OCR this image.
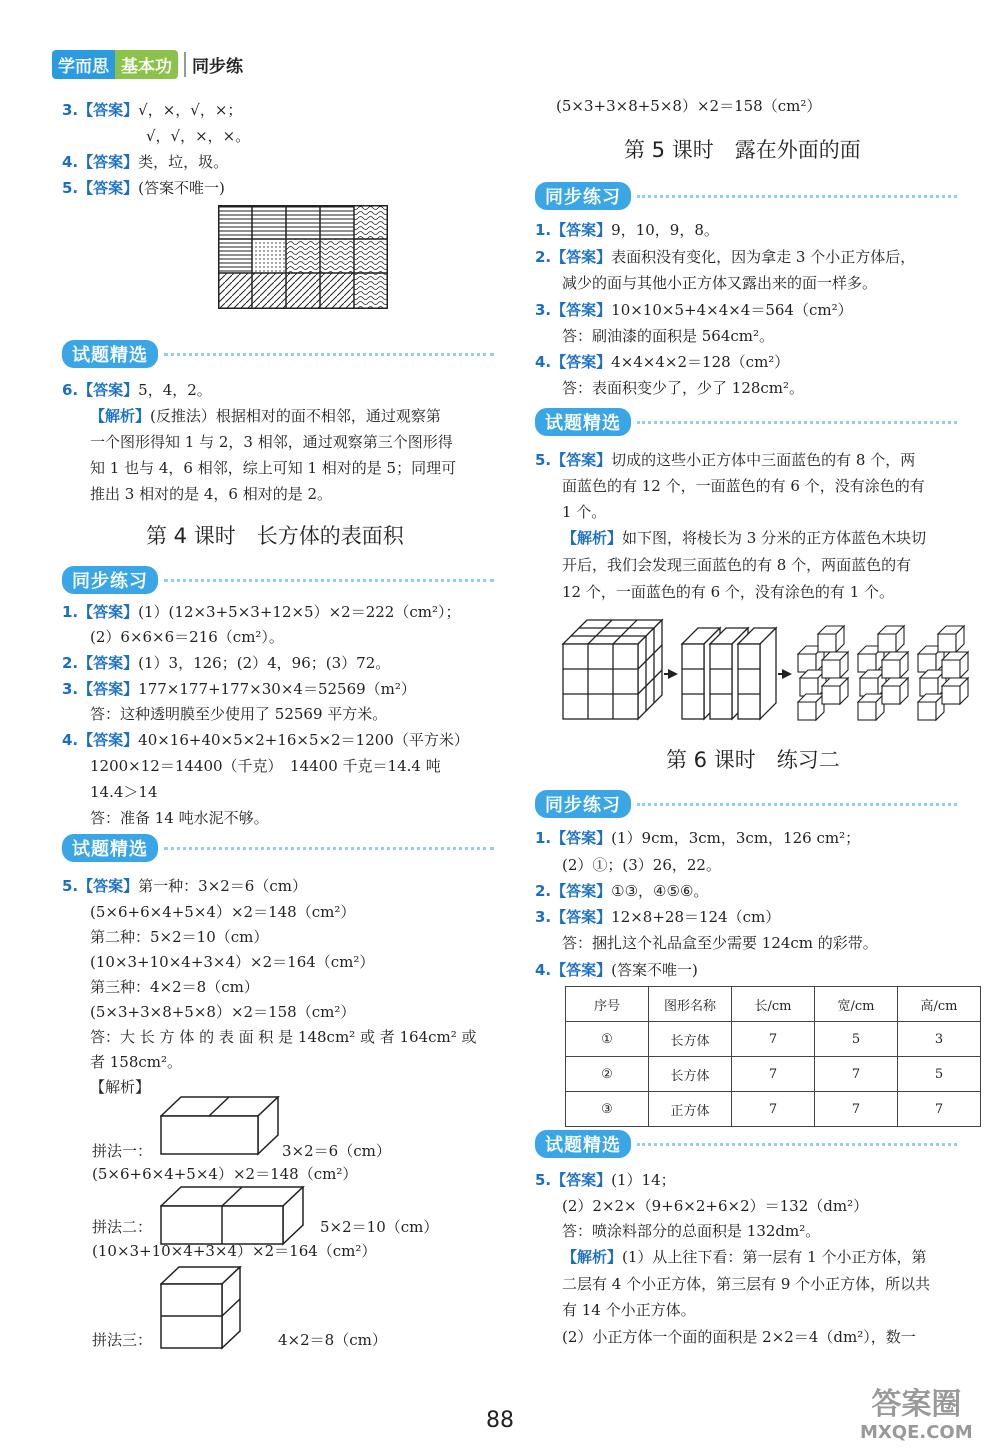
学而思 基本功	同步练
3.【答案】√，×，√，×；
√，√，×，×。
4.【答案】类，垃，圾。
5.【答案】(答案不唯一)
试题精选
6.【答案】5，4，2。
【解析】(反推法）根据相对的面不相邻，通过观察第
一个图形得知 1 与 2，3 相邻，通过观察第三个图形得
知 1 也与 4，6 相邻，综上可知 1 相对的是 5；同理可
推出 3 相对的是 4，6 相对的是 2。
第 4 课时　长方体的表面积
同步练习
1.【答案】(1）(12×3+5×3+12×5）×2＝222（cm²）；
(2）6×6×6＝216（cm²）。
2.【答案】(1）3，126；(2）4，96；(3）72。
3.【答案】177×177+177×30×4＝52569（m²）
答：这种透明膜至少使用了 52569 平方米。
4.【答案】40×16+40×5×2+16×5×2＝1200（平方米）
1200×12＝14400（千克）　14400 千克＝14.4 吨
14.4＞14
答：准备 14 吨水泥不够。
试题精选
5.【答案】第一种：3×2＝6（cm）
(5×6+6×4+5×4）×2＝148（cm²）
第二种：5×2＝10（cm）
(10×3+10×4+3×4）×2＝164（cm²）
第三种：4×2＝8（cm）
(5×3+3×8+5×8）×2＝158（cm²）
答：大 长 方 体 的 表 面 积 是 148cm² 或 者 164cm² 或
者 158cm²。
【解析】
拼法一：	3×2＝6（cm）
(5×6+6×4+5×4）×2＝148（cm²）
拼法二：	5×2＝10（cm）
(10×3+10×4+3×4）×2＝164（cm²）
拼法三：	4×2＝8（cm）
(5×3+3×8+5×8）×2＝158（cm²）
第 5 课时　露在外面的面
同步练习
1.【答案】9，10，9，8。
2.【答案】表面积没有变化，因为拿走 3 个小正方体后，
减少的面与其他小正方体又露出来的面一样多。
3.【答案】10×10×5+4×4×4＝564（cm²）
答：刷油漆的面积是 564cm²。
4.【答案】4×4×4×2＝128（cm²）
答：表面积变少了，少了 128cm²。
试题精选
5.【答案】切成的这些小正方体中三面蓝色的有 8 个，两
面蓝色的有 12 个，一面蓝色的有 6 个，没有涂色的有
1 个。
【解析】如下图，将棱长为 3 分米的正方体蓝色木块切
开后，我们会发现三面蓝色的有 8 个，两面蓝色的有
12 个，一面蓝色的有 6 个，没有涂色的有 1 个。
第 6 课时　练习二
同步练习
1.【答案】(1）9cm，3cm，3cm，126 cm²；
(2）①；(3）26，22。
2.【答案】①③，④⑤⑥。
3.【答案】12×8+28＝124（cm）
答：捆扎这个礼品盒至少需要 124cm 的彩带。
4.【答案】(答案不唯一)
序号	图形名称	长/cm	宽/cm	高/cm
①	长方体	7	5	3
②	长方体	7	7	5
③	正方体	7	7	7
试题精选
5.【答案】(1）14；
(2）2×2×（9+6×2+6×2）＝132（dm²）
答：喷涂料部分的总面积是 132dm²。
【解析】(1）从上往下看：第一层有 1 个小正方体，第
二层有 4 个小正方体，第三层有 9 个小正方体，所以共
有 14 个小正方体。
(2）小正方体一个面的面积是 2×2＝4（dm²），数一
88	答案圈
MXQE.COM
